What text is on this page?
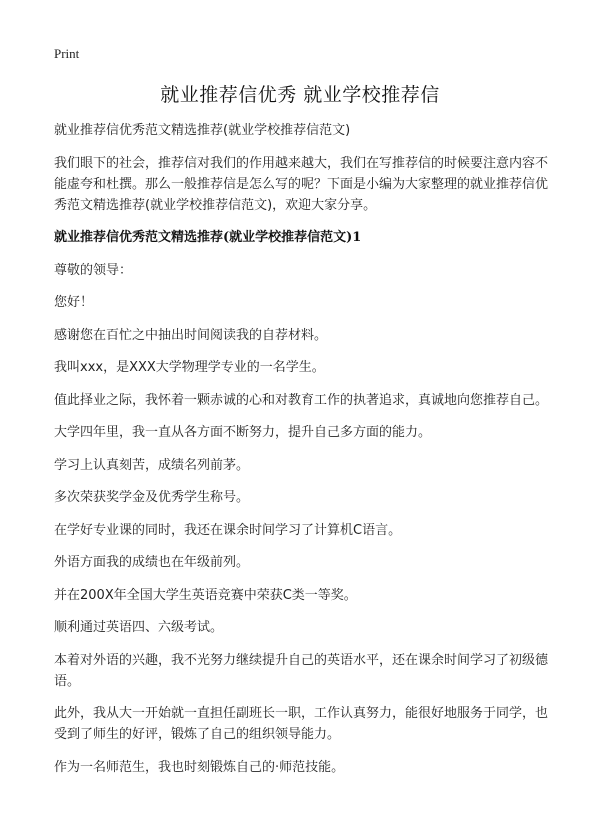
Print
就业推荐信优秀 就业学校推荐信

就业推荐信优秀范文精选推荐(就业学校推荐信范文)

我们眼下的社会，推荐信对我们的作用越来越大，我们在写推荐信的时候要注意内容不能虚夸和杜撰。那么一般推荐信是怎么写的呢？下面是小编为大家整理的就业推荐信优秀范文精选推荐(就业学校推荐信范文)，欢迎大家分享。

就业推荐信优秀范文精选推荐(就业学校推荐信范文)1

尊敬的领导：

您好！

感谢您在百忙之中抽出时间阅读我的自荐材料。

我叫xxx，是XXX大学物理学专业的一名学生。

值此择业之际，我怀着一颗赤诚的心和对教育工作的执著追求，真诚地向您推荐自己。

大学四年里，我一直从各方面不断努力，提升自己多方面的能力。

学习上认真刻苦，成绩名列前茅。

多次荣获奖学金及优秀学生称号。

在学好专业课的同时，我还在课余时间学习了计算机C语言。

外语方面我的成绩也在年级前列。

并在200X年全国大学生英语竞赛中荣获C类一等奖。

顺利通过英语四、六级考试。

本着对外语的兴趣，我不光努力继续提升自己的英语水平，还在课余时间学习了初级德语。

此外，我从大一开始就一直担任副班长一职，工作认真努力，能很好地服务于同学，也受到了师生的好评，锻炼了自己的组织领导能力。

作为一名师范生，我也时刻锻炼自己的·师范技能。
